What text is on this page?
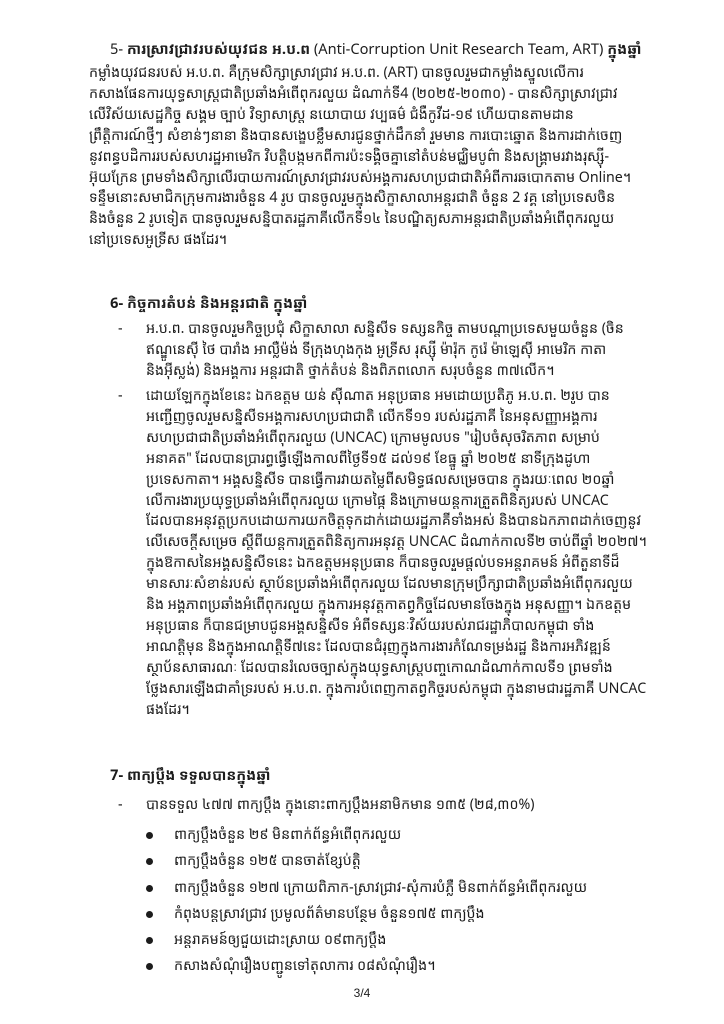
5- ការស្រាវជ្រាវរបស់យុវជន អ.ប.ព (Anti-Corruption Unit Research Team, ART) ក្នុងឆ្នាំ
កម្លាំងយុវជនរបស់ អ.ប.ព. គឺក្រុមសិក្សាស្រាវជ្រាវ អ.ប.ព. (ART) បានចូលរួមជាកម្លាំងស្នូលលើការ
កសាងផែនការយុទ្ធសាស្ត្រជាតិប្រឆាំងអំពើពុករលួយ ដំណាក់ទី4 (២០២៥-២០៣០) - បានសិក្សាស្រាវជ្រាវ
លើវិស័យសេដ្ឋកិច្ច សង្គម ច្បាប់ វិទ្យាសាស្ត្រ នយោបាយ វប្បធម៌ ជំងឺកូវីដ-១៩ ហើយបានតាមដាន
ព្រឹត្តិការណ៍ថ្មីៗ សំខាន់ៗនានា និងបានសង្ខេបខ្លឹមសារជូនថ្នាក់ដឹកនាំ រួមមាន ការបោះឆ្នោត និងការដាក់ចេញ
នូវពន្ធបដិការរបស់សហរដ្ឋអាមេរិក វិបត្តិបង្កមកពីការប៉ះទង្គិចគ្នានៅតំបន់មជ្ឈិមបូព៌ា និងសង្គ្រាមរវាងរុស្ស៊ី-
អ៊ុយក្រែន ព្រមទាំងសិក្សាលើរបាយការណ៍ស្រាវជ្រាវរបស់អង្គការសហប្រជាជាតិអំពីការឆបោកតាម Online។
ទន្ទឹមនោះសមាជិកក្រុមការងារចំនួន 4 រូប បានចូលរួមក្នុងសិក្ខាសាលាអន្តរជាតិ ចំនួន 2 វគ្គ នៅប្រទេសចិន
និងចំនួន 2 រូបទៀត បានចូលរួមសន្និបាតរដ្ឋភាគីលើកទី១៤ នៃបណ្ឌិត្យសភាអន្តរជាតិប្រឆាំងអំពើពុករលួយ
នៅប្រទេសអូទ្រីស ផងដែរ។
6- កិច្ចការតំបន់ និងអន្តរជាតិ ក្នុងឆ្នាំ
-	អ.ប.ព. បានចូលរួមកិច្ចប្រជុំ សិក្ខាសាលា សន្និសីទ ទស្សនកិច្ច តាមបណ្តាប្រទេសមួយចំនួន (ចិន
ឥណ្ឌូនេស៊ី ថៃ បារាំង អាល្លឺម៉ង់ ទីក្រុងហុងកុង អូទ្រីស រុស្ស៊ី ម៉ារ៉ុក កូរ៉េ ម៉ាឡេស៊ី អាមេរិក កាតា
និងអ៊ីស្លង់) និងអង្គការ អន្តរជាតិ ថ្នាក់តំបន់ និងពិភពលោក សរុបចំនួន ៣៧លើក។
-	ដោយឡែកក្នុងខែនេះ ឯកឧត្តម យន់ ស៊ីណាត អនុប្រធាន អមដោយប្រតិភូ អ.ប.ព. ២រូប បាន
អញ្ជើញចូលរួមសន្និសីទអង្គការសហប្រជាជាតិ លើកទី១១ របស់រដ្ឋភាគី នៃអនុសញ្ញាអង្គការ
សហប្រជាជាតិប្រឆាំងអំពើពុករលួយ (UNCAC) ក្រោមមូលបទ "រៀបចំសុចរិតភាព សម្រាប់
អនាគត" ដែលបានប្រារព្ធធ្វើឡើងកាលពីថ្ងៃទី១៥ ដល់១៩ ខែធ្នូ ឆ្នាំ ២០២៥ នាទីក្រុងដូហា
ប្រទេសកាតា។ អង្គសន្និសីទ បានធ្វើការវាយតម្លៃពីសមិទ្ធផលសម្រេចបាន ក្នុងរយៈពេល ២០ឆ្នាំ
លើការងារប្រយុទ្ធប្រឆាំងអំពើពុករលួយ ក្រោមផ្កៃ និងក្រោមយន្តការត្រួតពិនិត្យរបស់ UNCAC
ដែលបានអនុវត្តប្រកបដោយការយកចិត្តទុកដាក់ដោយរដ្ឋភាគីទាំងអស់ និងបានឯកភាពដាក់ចេញនូវ
លើសេចក្តីសម្រេច ស្តីពីយន្តការត្រួតពិនិត្យការអនុវត្ត UNCAC ដំណាក់កាលទី២ ចាប់ពីឆ្នាំ ២០២៧។
ក្នុងឱកាសនៃអង្គសន្និសីទនេះ ឯកឧត្តមអនុប្រធាន ក៏បានចូលរួមផ្តល់បទអន្តរាគមន៍ អំពីតួនាទីដ៏
មានសារៈសំខាន់របស់ ស្ថាប័នប្រឆាំងអំពើពុករលួយ ដែលមានក្រុមប្រឹក្សាជាតិប្រឆាំងអំពើពុករលួយ
និង អង្គភាពប្រឆាំងអំពើពុករលួយ ក្នុងការអនុវត្តកាតព្វកិច្ចដែលមានចែងក្នុង អនុសញ្ញា។ ឯកឧត្តម
អនុប្រធាន ក៏បានជម្រាបជូនអង្គសន្និសីទ អំពីទស្សនៈវិស័យរបស់រាជរដ្ឋាភិបាលកម្ពុជា ទាំង
អាណត្តិមុន និងក្នុងអាណត្តិទី៧នេះ ដែលបានជំរុញក្នុងការងារកំណែទម្រង់រដ្ឋ និងការអភិវឌ្ឍន៍
ស្ថាប័នសាធារណៈ ដែលបានរំលេចច្បាស់ក្នុងយុទ្ធសាស្ត្របញ្ចកោណដំណាក់កាលទី១ ព្រមទាំង
ថ្លែងសារឡើងជាគាំទ្ររបស់ អ.ប.ព. ក្នុងការបំពេញកាតព្វកិច្ចរបស់កម្ពុជា ក្នុងនាមជារដ្ឋភាគី UNCAC
ផងដែរ។
7- ពាក្យប្តឹង ទទួលបានក្នុងឆ្នាំ
-	បានទទួល ៤៧៧ ពាក្យប្តឹង ក្នុងនោះពាក្យប្តឹងអនាមិកមាន ១៣៥ (២៨,៣០%)
ពាក្យប្តឹងចំនួន ២៩ មិនពាក់ព័ន្ធអំពើពុករលួយ
ពាក្យប្តឹងចំនួន ១២៥ បានចាត់ខ្សែប់ត្តិ
ពាក្យប្តឹងចំនួន ១២៧ ក្រោយពិភាក-ស្រាវជ្រាវ-សុំការបំភ្លឺ មិនពាក់ព័ន្ធអំពើពុករលួយ
កំពុងបន្តស្រាវជ្រាវ ប្រមូលព័ត៌មានបន្ថែម ចំនួន១៧៥ ពាក្យប្តឹង
អន្តរាគមន៍ឲ្យជួយដោះស្រាយ ០៩ពាក្យប្តឹង
កសាងសំណុំរឿងបញ្ជូនទៅតុលាការ ០៨សំណុំរឿង។
3/4
